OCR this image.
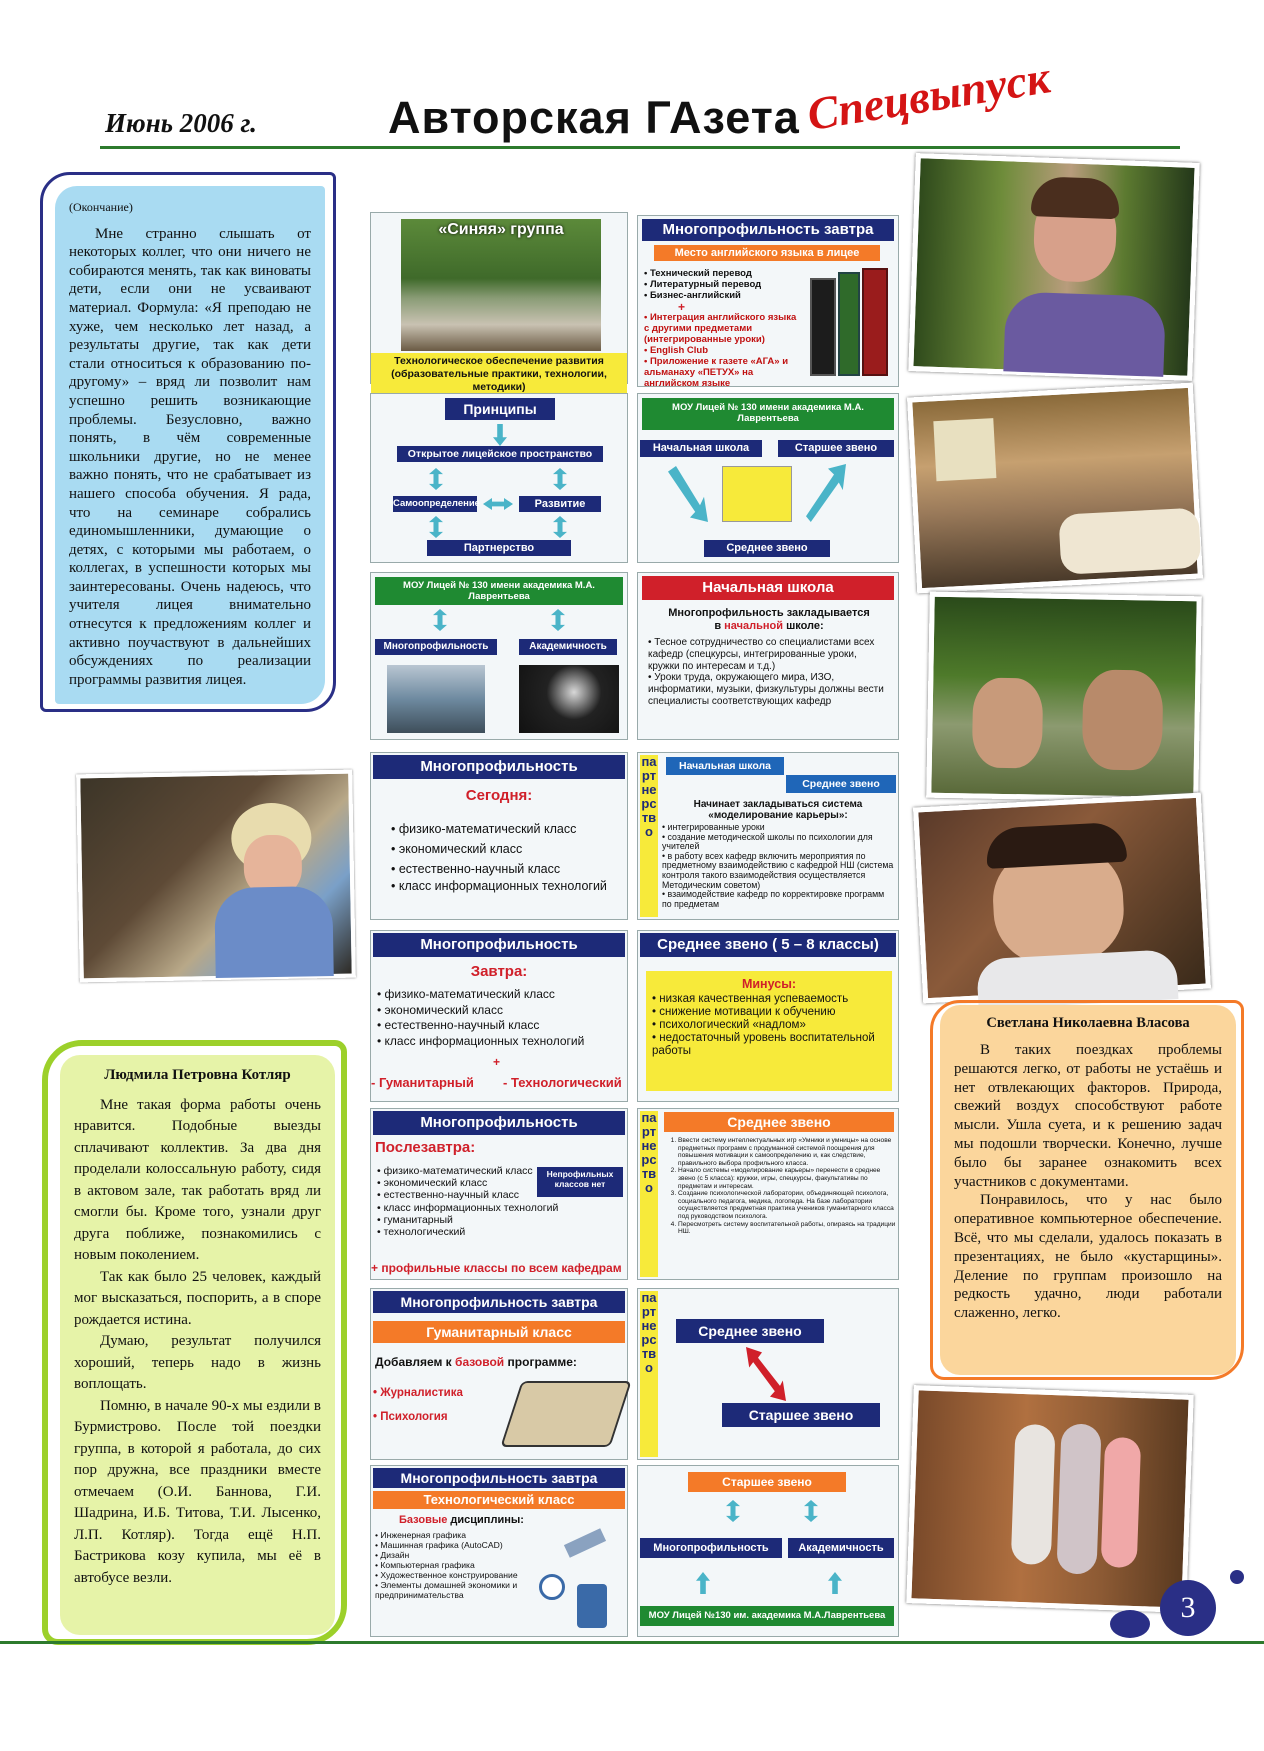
Июнь 2006 г.	Авторская ГАзета Спецвыпуск
(Окончание)

Мне странно слышать от некоторых коллег, что они ничего не собираются менять, так как виноваты дети, если они не усваивают материал. Формула: «Я преподаю не хуже, чем несколько лет назад, а результаты другие, так как дети стали относиться к образованию по-другому» – вряд ли позволит нам успешно решить возникающие проблемы. Безусловно, важно понять, в чём современные школьники другие, но не менее важно понять, что не срабатывает из нашего способа обучения. Я рада, что на семинаре собрались единомышленники, думающие о детях, с которыми мы работаем, о коллегах, в успешности которых мы заинтересованы. Очень надеюсь, что учителя лицея внимательно отнесутся к предложениям коллег и активно поучаствуют в дальнейших обсуждениях по реализации программы развития лицея.

Людмила Петровна Котляр

Мне такая форма работы очень нравится. Подобные выезды сплачивают коллектив. За два дня проделали колоссальную работу, сидя в актовом зале, так работать вряд ли смогли бы. Кроме того, узнали друг друга поближе, познакомились с новым поколением.

Так как было 25 человек, каждый мог высказаться, поспорить, а в споре рождается истина.

Думаю, результат получился хороший, теперь надо в жизнь воплощать.

Помню, в начале 90-х мы ездили в Бурмистрово. После той поездки группа, в которой я работала, до сих пор дружна, все праздники вместе отмечаем (О.И. Баннова, Г.И. Шадрина, И.Б. Титова, Т.И. Лысенко, Л.П. Котляр). Тогда ещё Н.П. Бастрикова козу купила, мы её в автобусе везли.

«Синяя» группа
Технологическое обеспечение развития (образовательные практики, технологии, методики)
Многопрофильность завтра
Место английского языка в лицее
• Технический перевод
• Литературный перевод
• Бизнес-английский
+
• Интеграция английского языка с другими предметами (интегрированные уроки)
• English Club
• Приложение к газете «АГА» и альманаху «ПЕТУХ» на английском языке
Принципы
Открытое лицейское пространство
Самоопределение	Развитие
Партнерство
МОУ Лицей № 130 имени академика М.А. Лаврентьева
Начальная школа	Старшее звено
Среднее звено
МОУ Лицей № 130 имени академика М.А. Лаврентьева
Многопрофильность	Академичность
Начальная школа
Многопрофильность закладывается
в начальной школе:
• Тесное сотрудничество со специалистами всех кафедр (спецкурсы, интегрированные уроки, кружки по интересам и т.д.)
• Уроки труда, окружающего мира, ИЗО, информатики, музыки, физкультуры должны вести специалисты соответствующих кафедр
Многопрофильность
Сегодня:
• физико-математический класс
• экономический класс
• естественно-научный класс
• класс информационных технологий
партнерство
Начальная школа
Среднее звено
Начинает закладываться система «моделирование карьеры»:
• интегрированные уроки
• создание методической школы по психологии для учителей
• в работу всех кафедр включить мероприятия по предметному взаимодействию с кафедрой НШ (система контроля такого взаимодействия осуществляется Методическим советом)
• взаимодействие кафедр по корректировке программ по предметам
Многопрофильность
Завтра:
• физико-математический класс
• экономический класс
• естественно-научный класс
• класс информационных технологий
+
- Гуманитарный - Технологический
Среднее звено ( 5 – 8 классы)
Минусы:
• низкая качественная успеваемость
• снижение мотивации к обучению
• психологический «надлом»
• недостаточный уровень воспитательной работы
Многопрофильность
Послезавтра:
• физико-математический класс
• экономический класс
• естественно-научный класс
• класс информационных технологий
• гуманитарный
• технологический
Непрофильных классов нет
+ профильные классы по всем кафедрам
партнерство
Среднее звено
1. Ввести систему интеллектуальных игр «Умники и умницы» на основе предметных программ с продуманной системой поощрения для повышения мотивации к самоопределению и, как следствие, правильного выбора профильного класса.
2. Начало системы «моделирование карьеры» перенести в среднее звено (с 5 класса): кружки, игры, спецкурсы, факультативы по предметам и интересам.
3. Создание психологической лаборатории, объединяющей психолога, социального педагога, медика, логопеда. На базе лаборатории осуществляется предметная практика учеников гуманитарного класса под руководством психолога.
4. Пересмотреть систему воспитательной работы, опираясь на традиции НШ.
Многопрофильность завтра
Гуманитарный класс
Добавляем к базовой программе:
• Журналистика
• Психология
партнерство
Среднее звено
Старшее звено
Многопрофильность завтра
Технологический класс
Базовые дисциплины:
• Инженерная графика
• Машинная графика (AutoCAD)
• Дизайн
• Компьютерная графика
• Художественное конструирование
• Элементы домашней экономики и предпринимательства
Старшее звено
Многопрофильность	Академичность
МОУ Лицей №130 им. академика М.А.Лаврентьева
Светлана Николаевна Власова

В таких поездках проблемы решаются легко, от работы не устаёшь и нет отвлекающих факторов. Природа, свежий воздух способствуют работе мысли. Ушла суета, и к решению задач мы подошли творчески. Конечно, лучше было бы заранее ознакомить всех участников с документами.

Понравилось, что у нас было оперативное компьютерное обеспечение. Всё, что мы сделали, удалось показать в презентациях, не было «кустарщины». Деление по группам произошло на редкость удачно, люди работали слаженно, легко.

3
